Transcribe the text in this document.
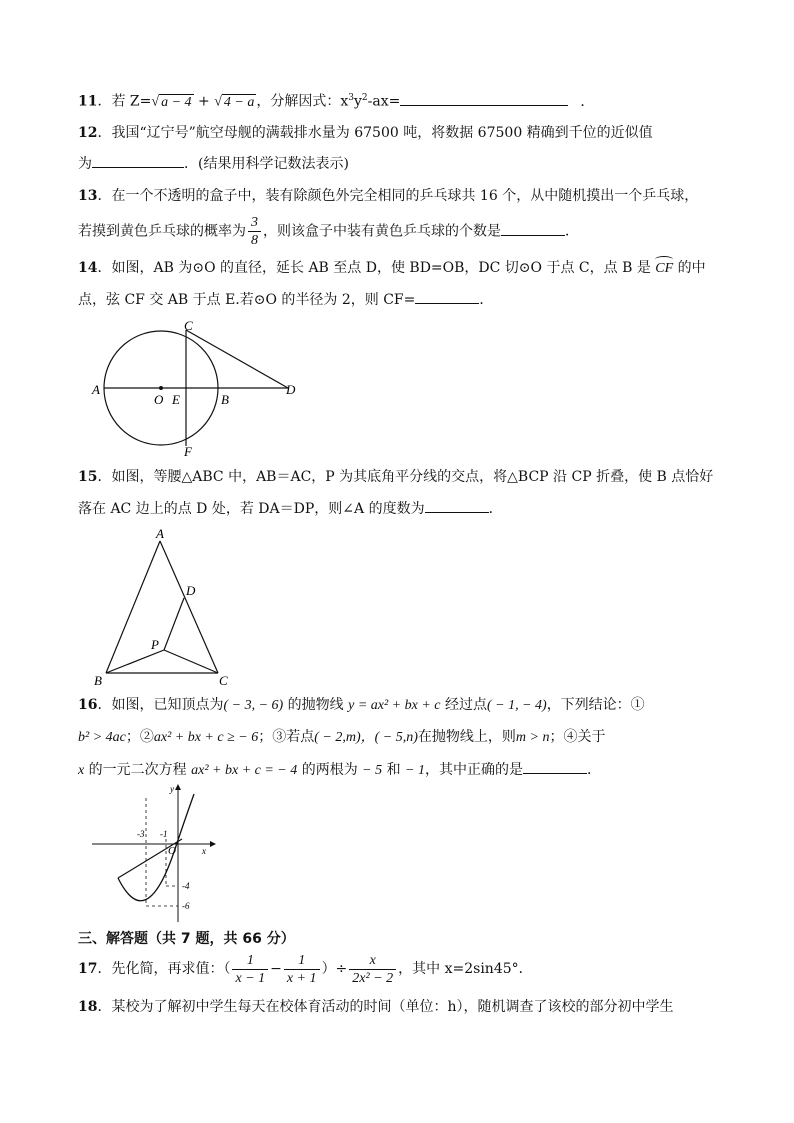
11．若 Z=√ a − 4 + √ 4 − a ，分解因式：$x^3y^2-ax=$	．
12．我国“辽宁号”航空母舰的满载排水量为 67500 吨，将数据 67500 精确到千位的近似值
为	．(结果用科学记数法表示)
13．在一个不透明的盒子中，装有除颜色外完全相同的乒乓球共 16 个，从中随机摸出一个乒乓球，
若摸到黄色乒乓球的概率为 $\frac{3}{8}$ ，则该盒子中装有黄色乒乓球的个数是	．
14．如图，AB 为⊙O 的直径，延长 AB 至点 D，使 BD=OB，DC 切⊙O 于点 C，点 B 是 CF 的中
点，弦 CF 交 AB 于点 E.若⊙O 的半径为 2，则 CF=	．
A
O E	B
C
D
F
15．如图，等腰△ABC 中，AB＝AC，P 为其底角平分线的交点，将△BCP 沿 CP 折叠，使 B 点恰好
落在 AC 边上的点 D 处，若 DA＝DP，则∠A 的度数为	．
A
D
P
B	C
16．如图，已知顶点为( − 3, − 6) 的抛物线 y = ax² + bx + c 经过点( − 1, − 4)，下列结论：①
b² > 4ac；②ax² + bx + c ≥ − 6；③若点( − 2,m)，( − 5,n)在抛物线上，则m > n；④关于
x 的一元二次方程 ax² + bx + c = − 4 的两根为 − 5 和 − 1，其中正确的是	．
y
x
O
-3 -1
-4
-6
三、解答题（共 7 题，共 66 分）
17．先化简，再求值：（ $\frac{1}{x - 1} - \frac{1}{x + 1}$ ）÷ $\frac{x}{\text{2x² − 2}}$ ，其中 x=2sin45°．
18．某校为了解初中学生每天在校体育活动的时间（单位：h），随机调查了该校的部分初中学生
